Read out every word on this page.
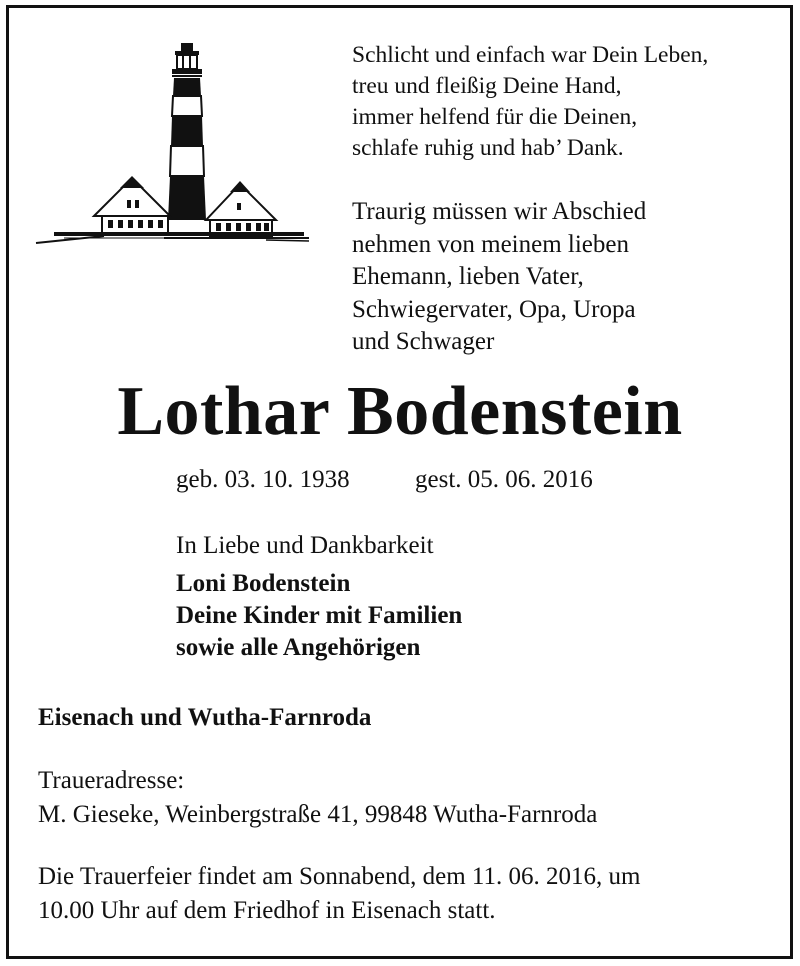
Schlicht und einfach war Dein Leben,
treu und fleißig Deine Hand,
immer helfend für die Deinen,
schlafe ruhig und hab’ Dank.
Traurig müssen wir Abschied
nehmen von meinem lieben
Ehemann, lieben Vater,
Schwiegervater, Opa, Uropa
und Schwager
Lothar Bodenstein
geb. 03. 10. 1938	gest. 05. 06. 2016
In Liebe und Dankbarkeit
Loni Bodenstein
Deine Kinder mit Familien
sowie alle Angehörigen
Eisenach und Wutha-Farnroda
Traueradresse:
M. Gieseke, Weinbergstraße 41, 99848 Wutha-Farnroda
Die Trauerfeier findet am Sonnabend, dem 11. 06. 2016, um
10.00 Uhr auf dem Friedhof in Eisenach statt.
